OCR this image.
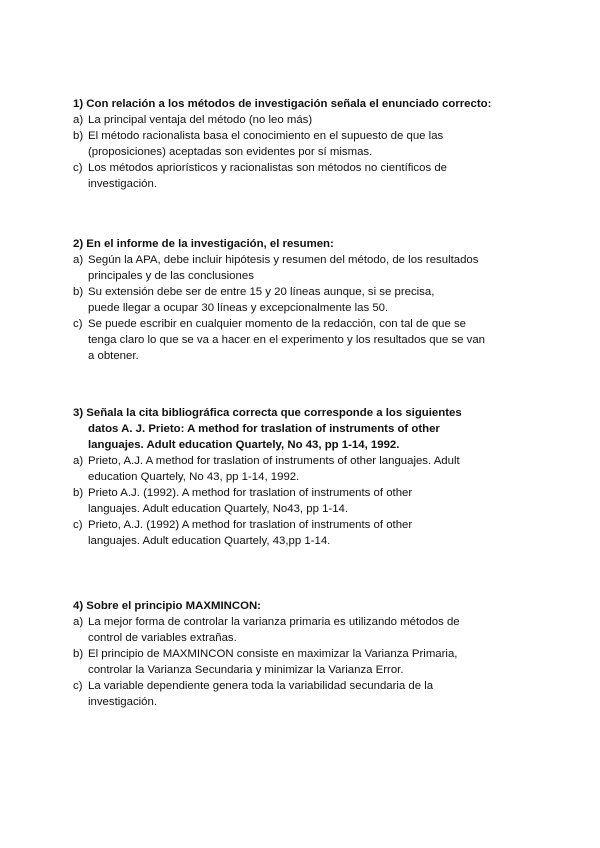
1) Con relación a los métodos de investigación señala el enunciado correcto:
a) La principal ventaja del método (no leo más)
b) El método racionalista basa el conocimiento en el supuesto de que las
(proposiciones) aceptadas son evidentes por sí mismas.
c) Los métodos apriorísticos y racionalistas son métodos no científicos de
investigación.
2) En el informe de la investigación, el resumen:
a) Según la APA, debe incluir hipótesis y resumen del método, de los resultados
principales y de las conclusiones
b) Su extensión debe ser de entre 15 y 20 líneas aunque, si se precisa,
puede llegar a ocupar 30 líneas y excepcionalmente las 50.
c) Se puede escribir en cualquier momento de la redacción, con tal de que se
tenga claro lo que se va a hacer en el experimento y los resultados que se van
a obtener.
3) Señala la cita bibliográfica correcta que corresponde a los siguientes
datos A. J. Prieto: A method for traslation of instruments of other
languajes. Adult education Quartely, No 43, pp 1-14, 1992.
a) Prieto, A.J. A method for traslation of instruments of other languajes. Adult
education Quartely, No 43, pp 1-14, 1992.
b) Prieto A.J. (1992). A method for traslation of instruments of other
languajes. Adult education Quartely, No43, pp 1-14.
c) Prieto, A.J. (1992) A method for traslation of instruments of other
languajes. Adult education Quartely, 43,pp 1-14.
4) Sobre el principio MAXMINCON:
a) La mejor forma de controlar la varianza primaria es utilizando métodos de
control de variables extrañas.
b) El principio de MAXMINCON consiste en maximizar la Varianza Primaria,
controlar la Varianza Secundaria y minimizar la Varianza Error.
c) La variable dependiente genera toda la variabilidad secundaria de la
investigación.
